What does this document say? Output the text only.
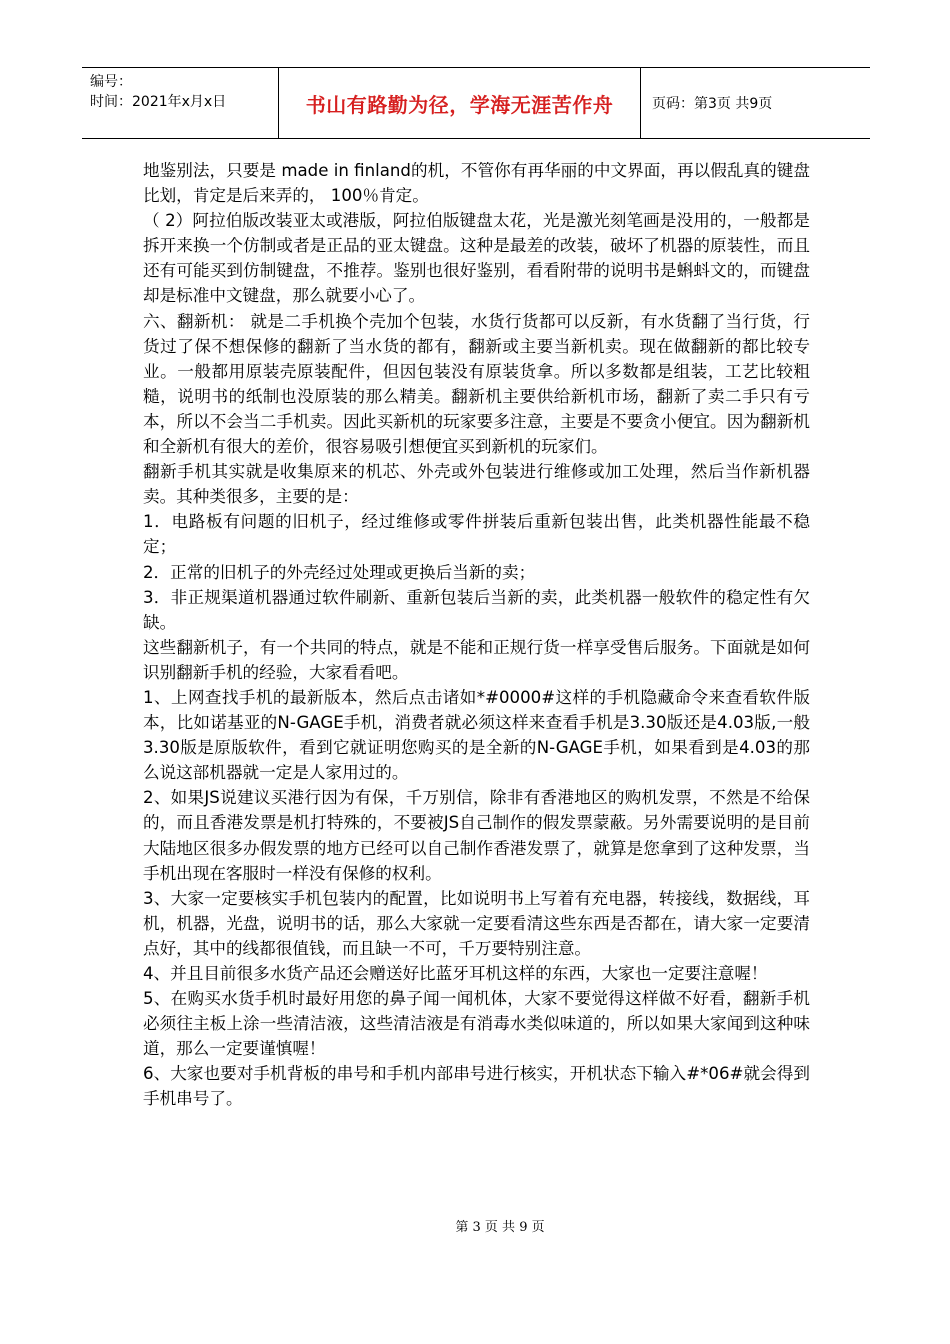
编号：
时间：2021年x月x日	书山有路勤为径，学海无涯苦作舟	页码：第3页 共9页

地鉴别法，只要是 made in finland的机，不管你有再华丽的中文界面，再以假乱真的键盘比划，肯定是后来弄的， 100％肯定。

（ 2）阿拉伯版改装亚太或港版，阿拉伯版键盘太花，光是激光刻笔画是没用的，一般都是拆开来换一个仿制或者是正品的亚太键盘。这种是最差的改装，破坏了机器的原装性，而且还有可能买到仿制键盘，不推荐。鉴别也很好鉴别，看看附带的说明书是蝌蚪文的，而键盘却是标准中文键盘，那么就要小心了。

六、翻新机： 就是二手机换个壳加个包装，水货行货都可以反新，有水货翻了当行货，行货过了保不想保修的翻新了当水货的都有，翻新或主要当新机卖。现在做翻新的都比较专业。一般都用原装壳原装配件，但因包装没有原装货拿。所以多数都是组装，工艺比较粗糙，说明书的纸制也没原装的那么精美。翻新机主要供给新机市场，翻新了卖二手只有亏本，所以不会当二手机卖。因此买新机的玩家要多注意，主要是不要贪小便宜。因为翻新机和全新机有很大的差价，很容易吸引想便宜买到新机的玩家们。

翻新手机其实就是收集原来的机芯、外壳或外包装进行维修或加工处理，然后当作新机器卖。其种类很多，主要的是：

1．电路板有问题的旧机子，经过维修或零件拼装后重新包装出售，此类机器性能最不稳定；

2．正常的旧机子的外壳经过处理或更换后当新的卖；

3．非正规渠道机器通过软件刷新、重新包装后当新的卖，此类机器一般软件的稳定性有欠缺。

这些翻新机子，有一个共同的特点，就是不能和正规行货一样享受售后服务。下面就是如何识别翻新手机的经验，大家看看吧。

1、上网查找手机的最新版本，然后点击诸如*#0000#这样的手机隐藏命令来查看软件版本，比如诺基亚的N-GAGE手机，消费者就必须这样来查看手机是3.30版还是4.03版,一般3.30版是原版软件，看到它就证明您购买的是全新的N-GAGE手机，如果看到是4.03的那么说这部机器就一定是人家用过的。

2、如果JS说建议买港行因为有保，千万别信，除非有香港地区的购机发票，不然是不给保的，而且香港发票是机打特殊的，不要被JS自己制作的假发票蒙蔽。另外需要说明的是目前大陆地区很多办假发票的地方已经可以自己制作香港发票了，就算是您拿到了这种发票，当手机出现在客服时一样没有保修的权利。

3、大家一定要核实手机包装内的配置，比如说明书上写着有充电器，转接线，数据线，耳机，机器，光盘，说明书的话，那么大家就一定要看清这些东西是否都在，请大家一定要清点好，其中的线都很值钱，而且缺一不可，千万要特别注意。

4、并且目前很多水货产品还会赠送好比蓝牙耳机这样的东西，大家也一定要注意喔！

5、在购买水货手机时最好用您的鼻子闻一闻机体，大家不要觉得这样做不好看，翻新手机必须往主板上涂一些清洁液，这些清洁液是有消毒水类似味道的，所以如果大家闻到这种味道，那么一定要谨慎喔！

6、大家也要对手机背板的串号和手机内部串号进行核实，开机状态下输入#*06#就会得到手机串号了。

第 3 页 共 9 页
